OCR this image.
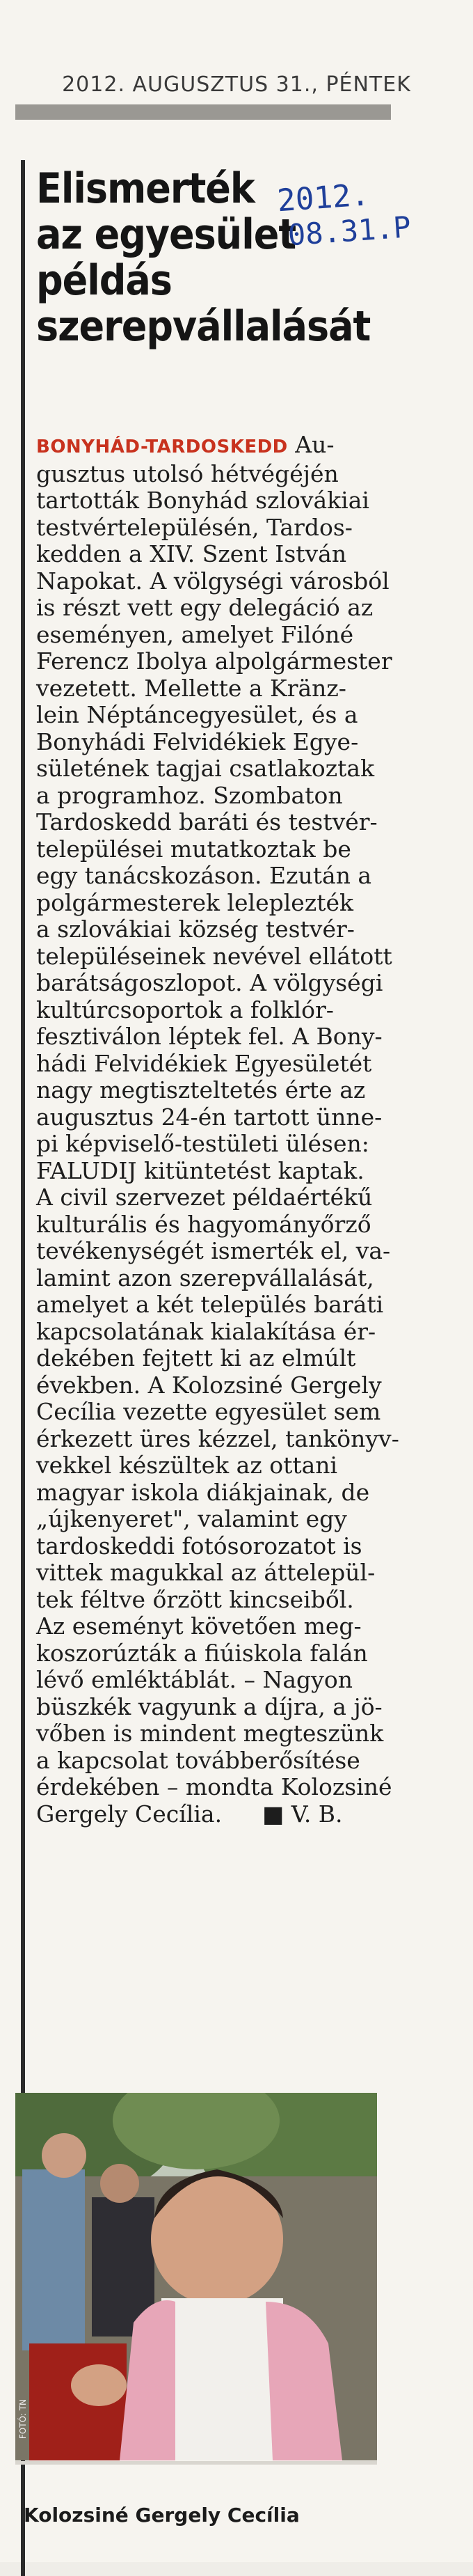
2012. AUGUSZTUS 31., PÉNTEK
Elismerték
az egyesület
példás
szerepvállalását
2012.
08.31.P
BONYHÁD-TARDOSKEDD Au-
gusztus utolsó hétvégéjén
tartották Bonyhád szlovákiai
testvértelepülésén, Tardos-
kedden a XIV. Szent István
Napokat. A völgységi városból
is részt vett egy delegáció az
eseményen, amelyet Filóné
Ferencz Ibolya alpolgármester
vezetett. Mellette a Kränz-
lein Néptáncegyesület, és a
Bonyhádi Felvidékiek Egye-
sületének tagjai csatlakoztak
a programhoz. Szombaton
Tardoskedd baráti és testvér-
települései mutatkoztak be
egy tanácskozáson. Ezután a
polgármesterek leleplezték
a szlovákiai község testvér-
településeinek nevével ellátott
barátságoszlopot. A völgységi
kultúrcsoportok a folklór-
fesztiválon léptek fel. A Bony-
hádi Felvidékiek Egyesületét
nagy megtiszteltetés érte az
augusztus 24-én tartott ünne-
pi képviselő-testületi ülésen:
FALUDIJ kitüntetést kaptak.
A civil szervezet példaértékű
kulturális és hagyományőrző
tevékenységét ismerték el, va-
lamint azon szerepvállalását,
amelyet a két település baráti
kapcsolatának kialakítása ér-
dekében fejtett ki az elmúlt
években. A Kolozsiné Gergely
Cecília vezette egyesület sem
érkezett üres kézzel, tankönyv-
vekkel készültek az ottani
magyar iskola diákjainak, de
„újkenyeret", valamint egy
tardoskeddi fotósorozatot is
vittek magukkal az áttelepül-
tek féltve őrzött kincseiből.
Az eseményt követően meg-
koszorúzták a fiúiskola falán
lévő emléktáblát. – Nagyon
büszkék vagyunk a díjra, a jö-
vőben is mindent megteszünk
a kapcsolat továbberősítése
érdekében – mondta Kolozsiné
Gergely Cecília. ■ V. B.
FOTÓ: TN
Kolozsiné Gergely Cecília
